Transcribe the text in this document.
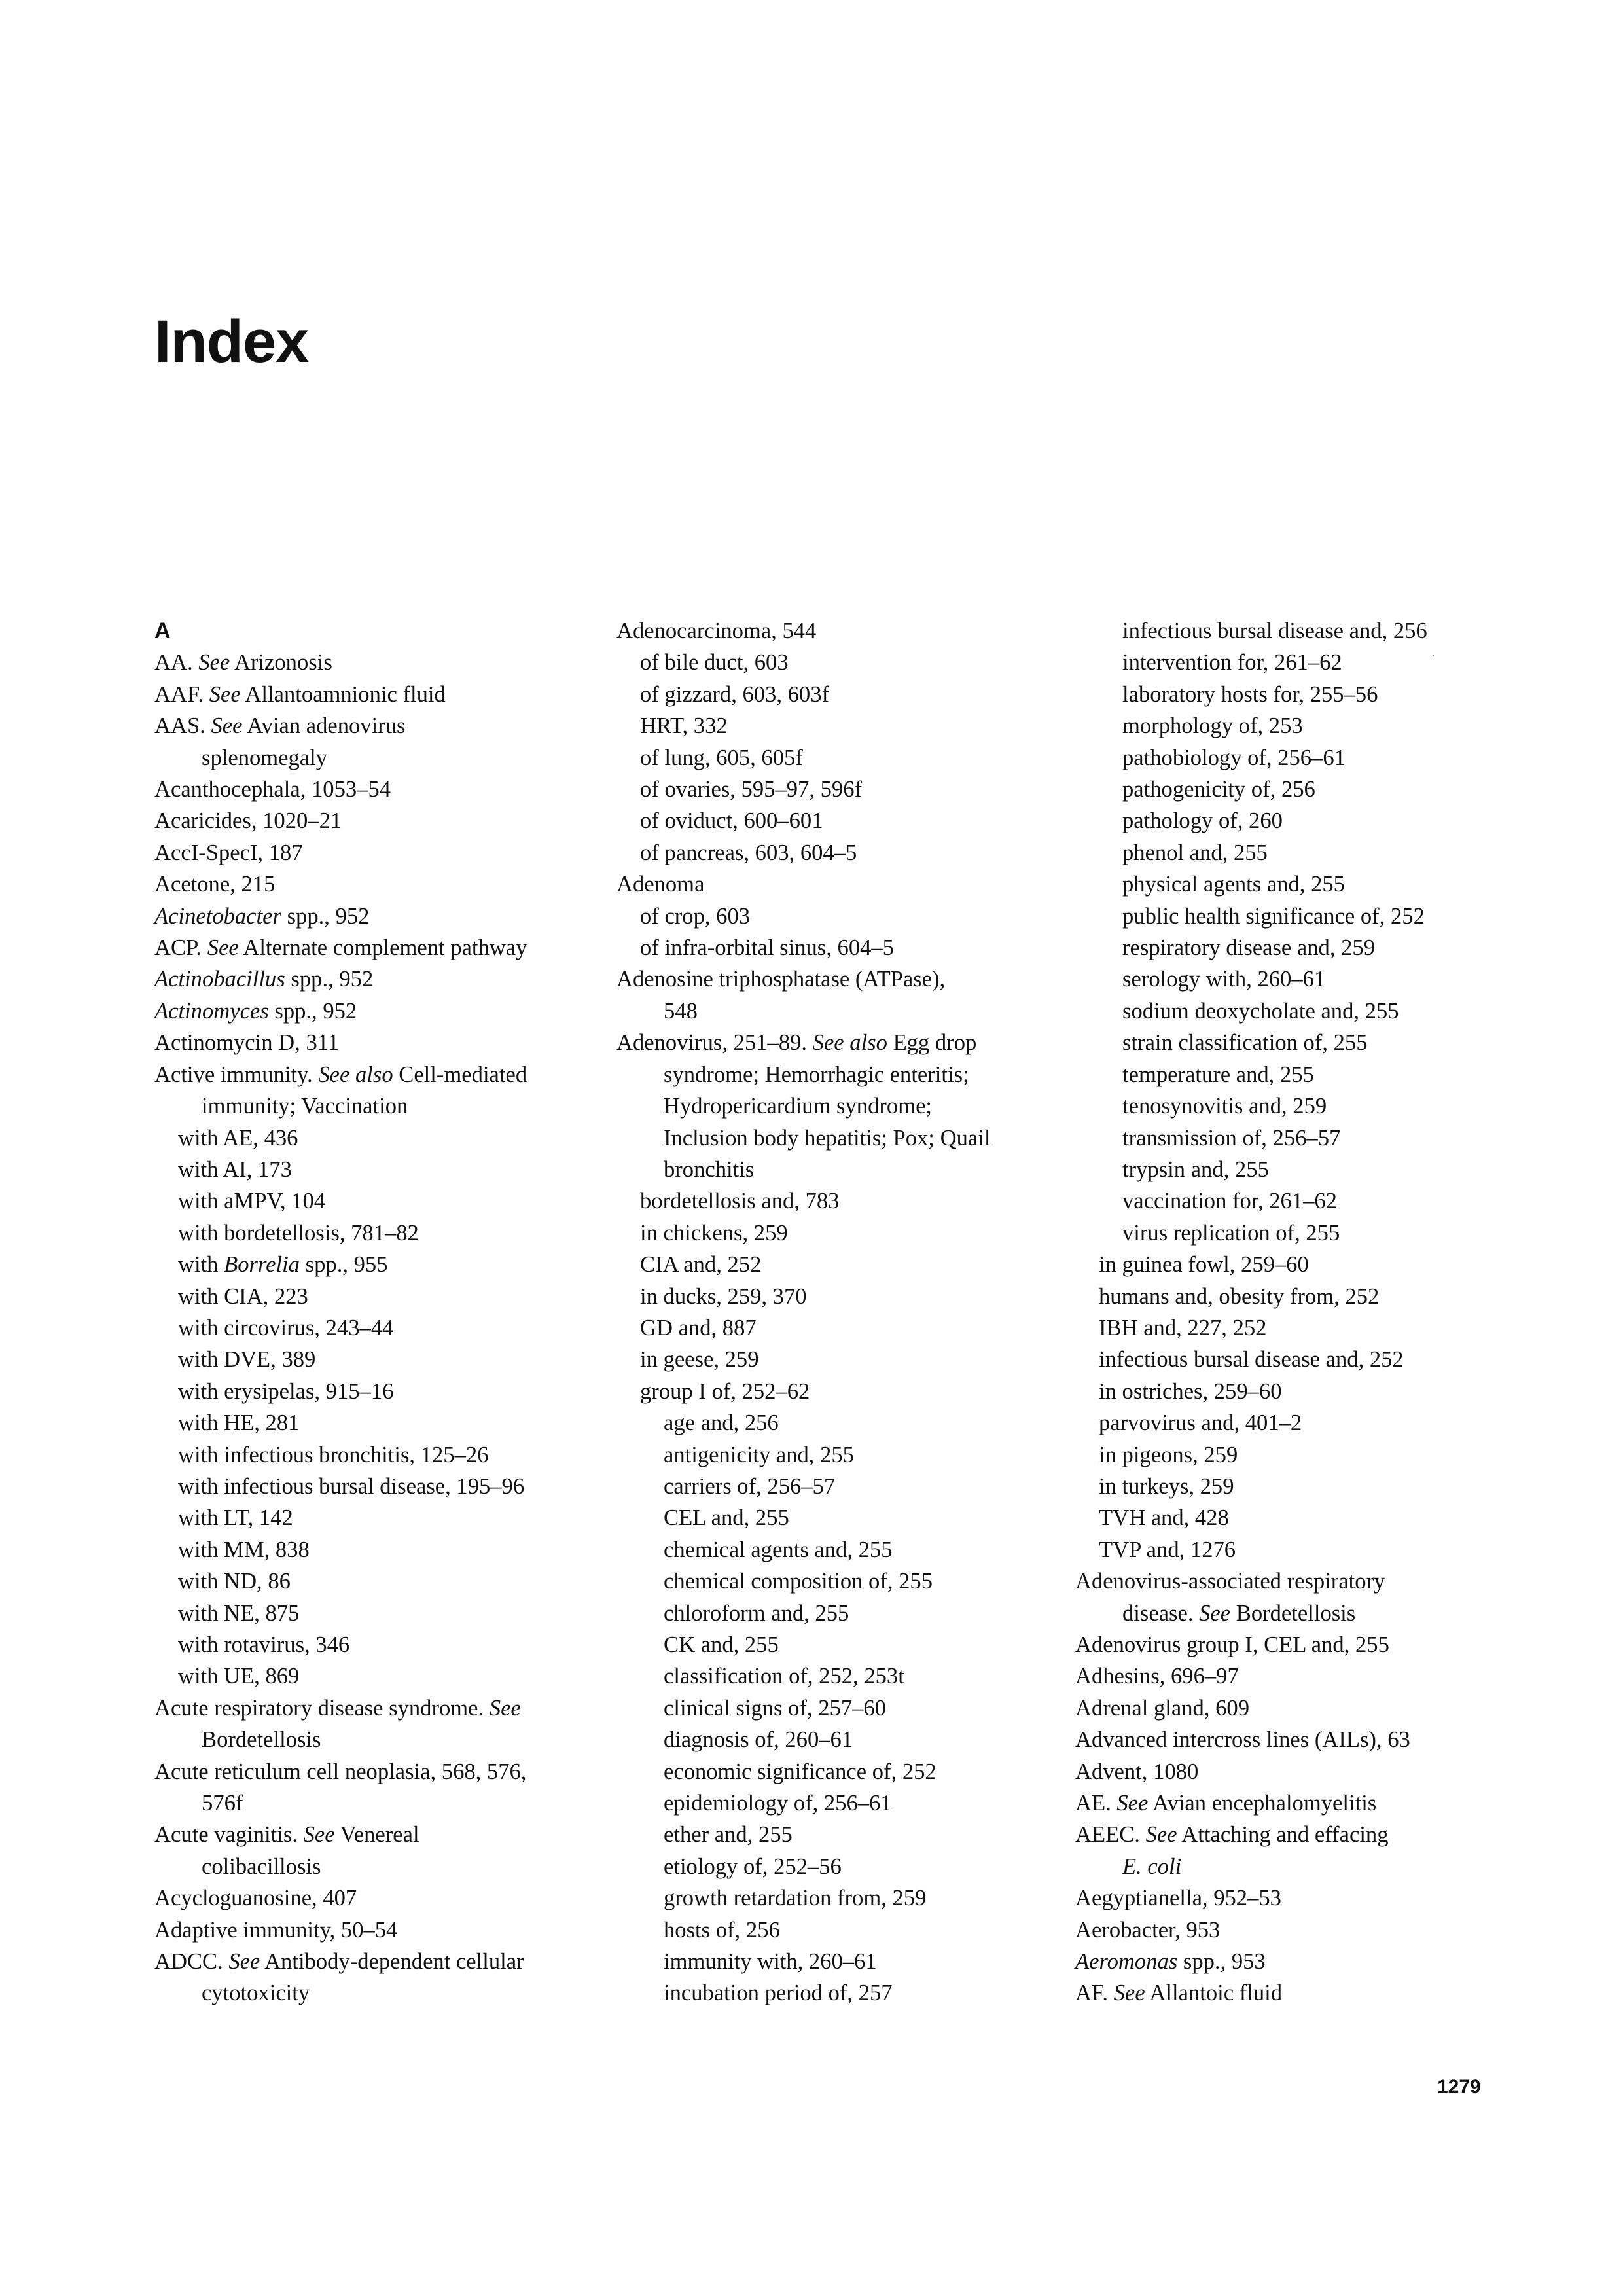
Index
A
AA. See Arizonosis
AAF. See Allantoamnionic fluid
AAS. See Avian adenovirus
splenomegaly
Acanthocephala, 1053–54
Acaricides, 1020–21
AccI-SpecI, 187
Acetone, 215
Acinetobacter spp., 952
ACP. See Alternate complement pathway
Actinobacillus spp., 952
Actinomyces spp., 952
Actinomycin D, 311
Active immunity. See also Cell-mediated
immunity; Vaccination
with AE, 436
with AI, 173
with aMPV, 104
with bordetellosis, 781–82
with Borrelia spp., 955
with CIA, 223
with circovirus, 243–44
with DVE, 389
with erysipelas, 915–16
with HE, 281
with infectious bronchitis, 125–26
with infectious bursal disease, 195–96
with LT, 142
with MM, 838
with ND, 86
with NE, 875
with rotavirus, 346
with UE, 869
Acute respiratory disease syndrome. See
Bordetellosis
Acute reticulum cell neoplasia, 568, 576,
576f
Acute vaginitis. See Venereal
colibacillosis
Acycloguanosine, 407
Adaptive immunity, 50–54
ADCC. See Antibody-dependent cellular
cytotoxicity
Adenocarcinoma, 544
of bile duct, 603
of gizzard, 603, 603f
HRT, 332
of lung, 605, 605f
of ovaries, 595–97, 596f
of oviduct, 600–601
of pancreas, 603, 604–5
Adenoma
of crop, 603
of infra-orbital sinus, 604–5
Adenosine triphosphatase (ATPase),
548
Adenovirus, 251–89. See also Egg drop
syndrome; Hemorrhagic enteritis;
Hydropericardium syndrome;
Inclusion body hepatitis; Pox; Quail
bronchitis
bordetellosis and, 783
in chickens, 259
CIA and, 252
in ducks, 259, 370
GD and, 887
in geese, 259
group I of, 252–62
age and, 256
antigenicity and, 255
carriers of, 256–57
CEL and, 255
chemical agents and, 255
chemical composition of, 255
chloroform and, 255
CK and, 255
classification of, 252, 253t
clinical signs of, 257–60
diagnosis of, 260–61
economic significance of, 252
epidemiology of, 256–61
ether and, 255
etiology of, 252–56
growth retardation from, 259
hosts of, 256
immunity with, 260–61
incubation period of, 257
infectious bursal disease and, 256
intervention for, 261–62
laboratory hosts for, 255–56
morphology of, 253
pathobiology of, 256–61
pathogenicity of, 256
pathology of, 260
phenol and, 255
physical agents and, 255
public health significance of, 252
respiratory disease and, 259
serology with, 260–61
sodium deoxycholate and, 255
strain classification of, 255
temperature and, 255
tenosynovitis and, 259
transmission of, 256–57
trypsin and, 255
vaccination for, 261–62
virus replication of, 255
in guinea fowl, 259–60
humans and, obesity from, 252
IBH and, 227, 252
infectious bursal disease and, 252
in ostriches, 259–60
parvovirus and, 401–2
in pigeons, 259
in turkeys, 259
TVH and, 428
TVP and, 1276
Adenovirus-associated respiratory
disease. See Bordetellosis
Adenovirus group I, CEL and, 255
Adhesins, 696–97
Adrenal gland, 609
Advanced intercross lines (AILs), 63
Advent, 1080
AE. See Avian encephalomyelitis
AEEC. See Attaching and effacing
E. coli
Aegyptianella, 952–53
Aerobacter, 953
Aeromonas spp., 953
AF. See Allantoic fluid
1279
